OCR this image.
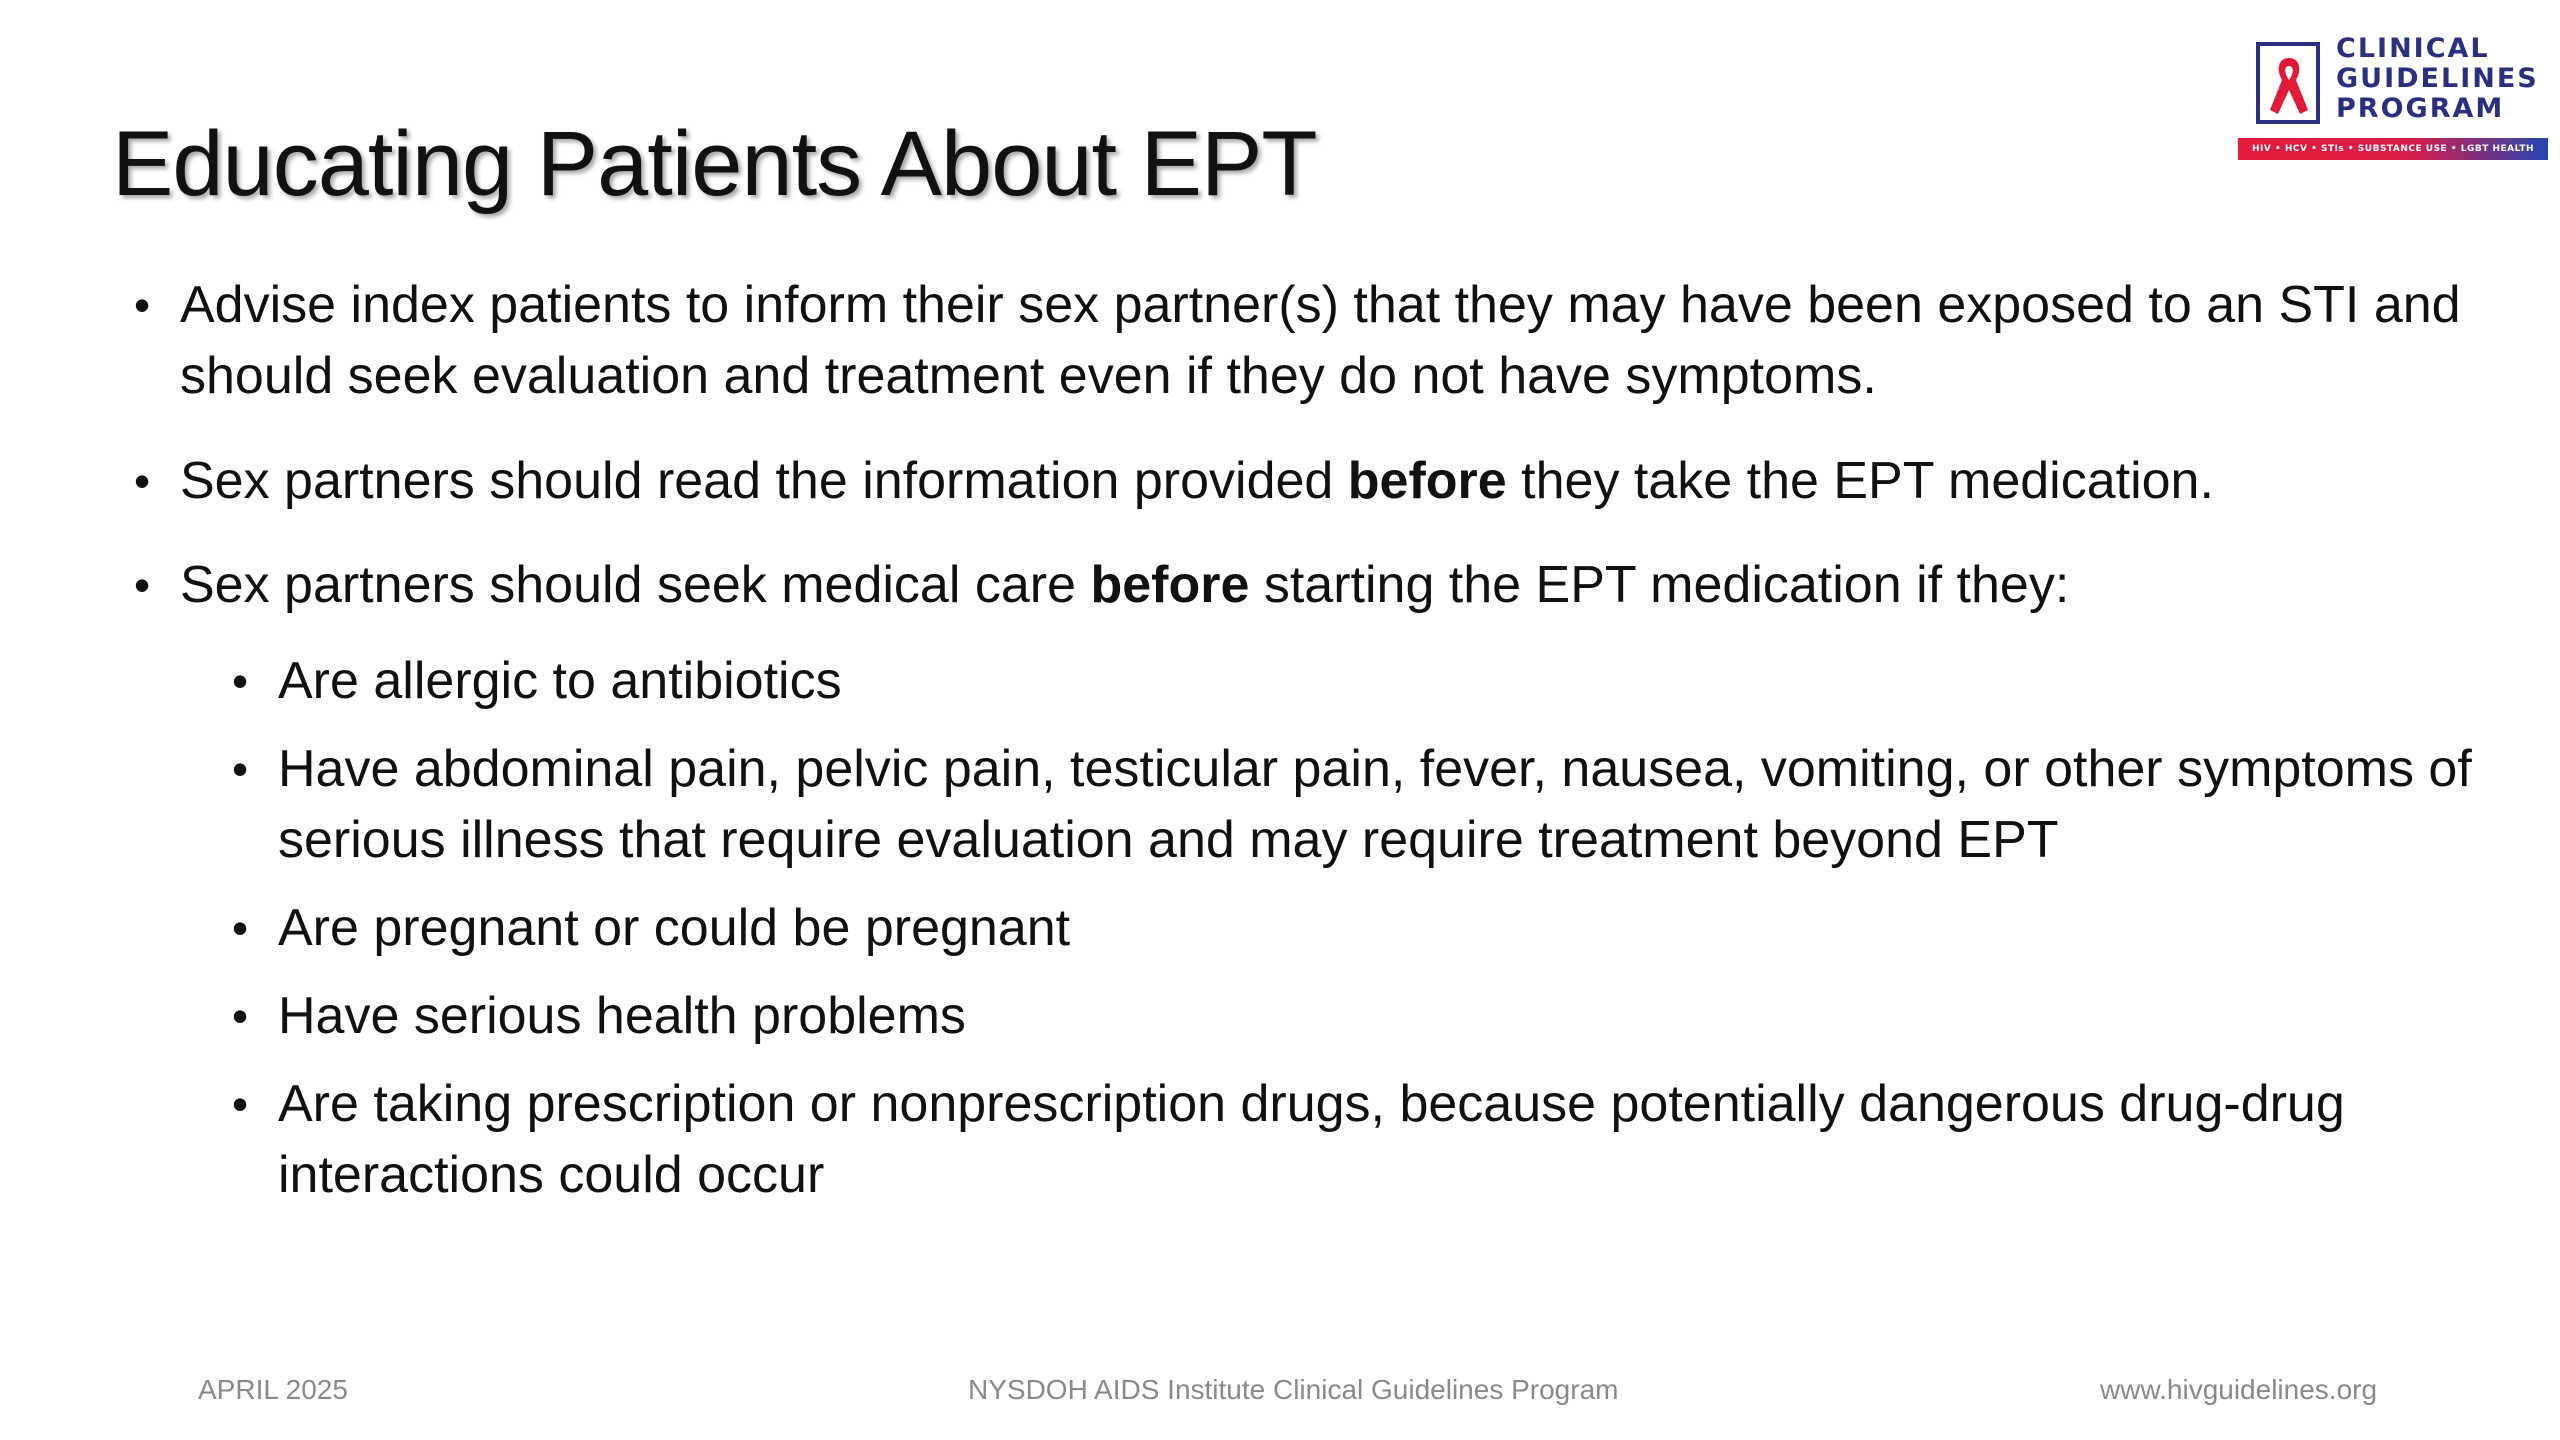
Educating Patients About EPT
CLINICAL
GUIDELINES
PROGRAM
HIV • HCV • STIs • SUBSTANCE USE • LGBT HEALTH
• Advise index patients to inform their sex partner(s) that they may have been exposed to an STI and should seek evaluation and treatment even if they do not have symptoms.
• Sex partners should read the information provided before they take the EPT medication.
• Sex partners should seek medical care before starting the EPT medication if they:
• Are allergic to antibiotics
• Have abdominal pain, pelvic pain, testicular pain, fever, nausea, vomiting, or other symptoms of serious illness that require evaluation and may require treatment beyond EPT
• Are pregnant or could be pregnant
• Have serious health problems
• Are taking prescription or nonprescription drugs, because potentially dangerous drug-drug interactions could occur
APRIL 2025	NYSDOH AIDS Institute Clinical Guidelines Program	www.hivguidelines.org
